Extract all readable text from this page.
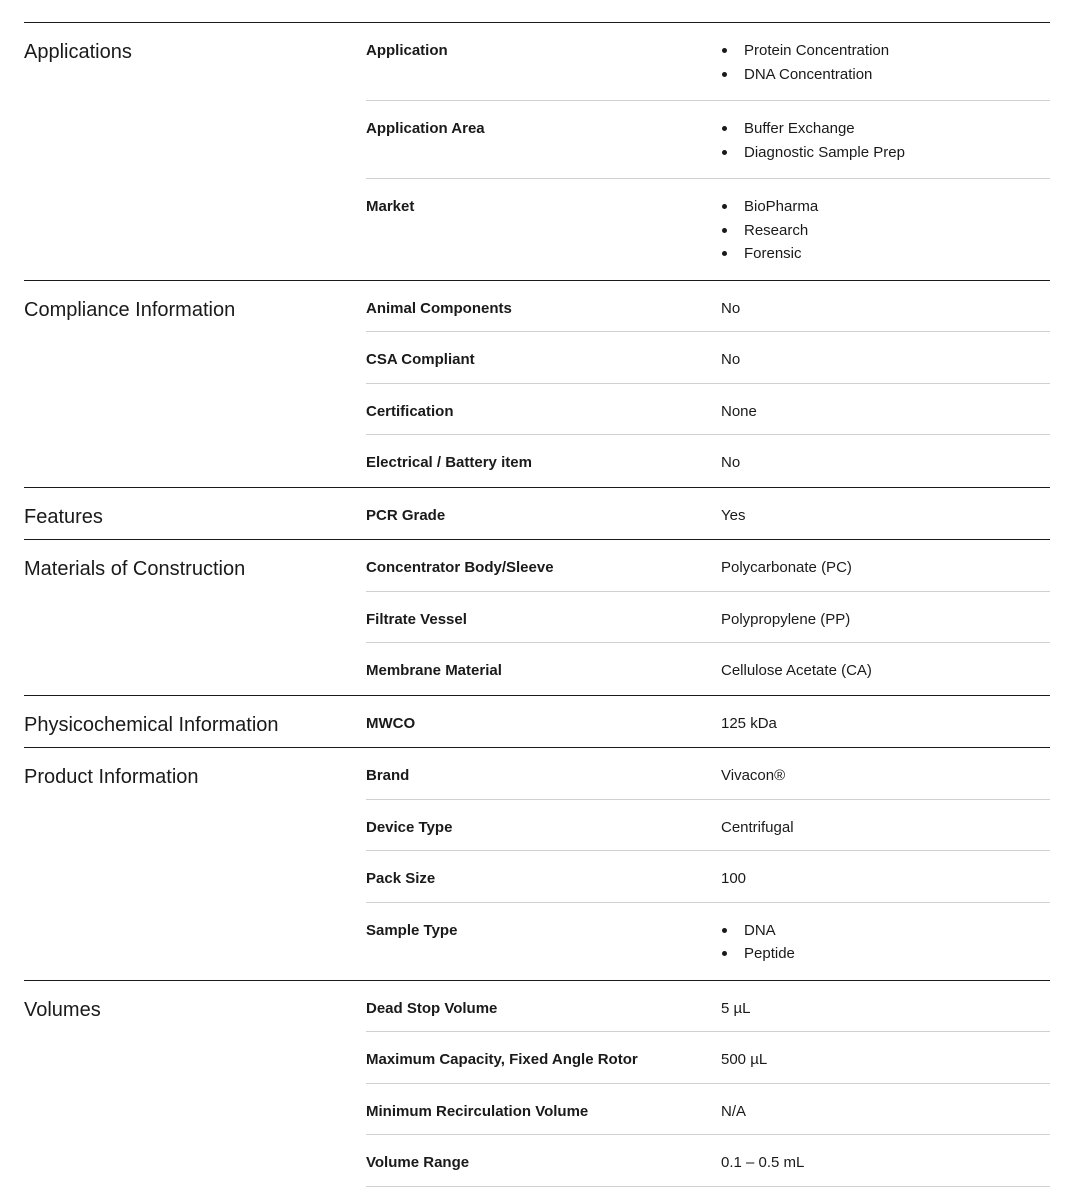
Applications	Application	Protein Concentration
DNA Concentration
Application Area	Buffer Exchange
Diagnostic Sample Prep
Market	BioPharma
Research
Forensic
Compliance Information	Animal Components	No
CSA Compliant	No
Certification	None
Electrical / Battery item	No
Features	PCR Grade	Yes
Materials of Construction	Concentrator Body/Sleeve	Polycarbonate (PC)
Filtrate Vessel	Polypropylene (PP)
Membrane Material	Cellulose Acetate (CA)
Physicochemical Information	MWCO	125 kDa
Product Information	Brand	Vivacon®
Device Type	Centrifugal
Pack Size	100
Sample Type	DNA
Peptide
Volumes	Dead Stop Volume	5 µL
Maximum Capacity, Fixed Angle Rotor	500 µL
Minimum Recirculation Volume	N/A
Volume Range	0.1 – 0.5 mL
